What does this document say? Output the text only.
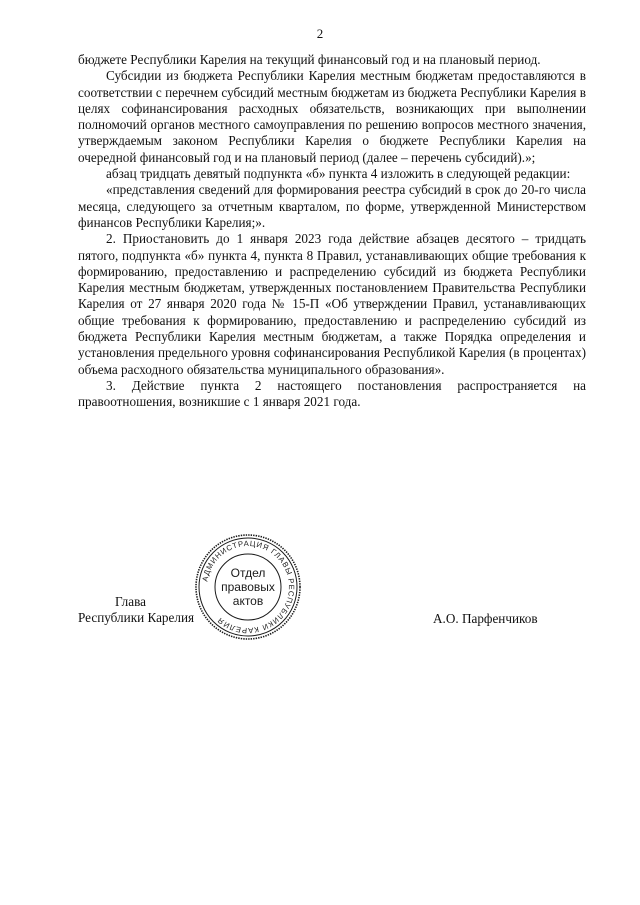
2

бюджете Республики Карелия на текущий финансовый год и на плановый период.

Субсидии из бюджета Республики Карелия местным бюджетам предоставляются в соответствии с перечнем субсидий местным бюджетам из бюджета Республики Карелия в целях софинансирования расходных обязательств, возникающих при выполнении полномочий органов местного самоуправления по решению вопросов местного значения, утверждаемым законом Республики Карелия о бюджете Республики Карелия на очередной финансовый год и на плановый период (далее – перечень субсидий).»;

абзац тридцать девятый подпункта «б» пункта 4 изложить в следующей редакции:

«представления сведений для формирования реестра субсидий в срок до 20-го числа месяца, следующего за отчетным кварталом, по форме, утвержденной Министерством финансов Республики Карелия;».

2. Приостановить до 1 января 2023 года действие абзацев десятого – тридцать пятого, подпункта «б» пункта 4, пункта 8 Правил, устанавливающих общие требования к формированию, предоставлению и распределению субсидий из бюджета Республики Карелия местным бюджетам, утвержденных постановлением Правительства Республики Карелия от 27 января 2020 года № 15-П «Об утверждении Правил, устанавливающих общие требования к формированию, предоставлению и распределению субсидий из бюджета Республики Карелия местным бюджетам, а также Порядка определения и установления предельного уровня софинансирования Республикой Карелия (в процентах) объема расходного обязательства муниципального образования».

3. Действие пункта 2 настоящего постановления распространяется на правоотношения, возникшие с 1 января 2021 года.

Глава
Республики Карелия	А.О. Парфенчиков
АДМИНИСТРАЦИЯ ГЛАВЫ РЕСПУБЛИКИ КАРЕЛИЯ
Отдел
правовых
актов
